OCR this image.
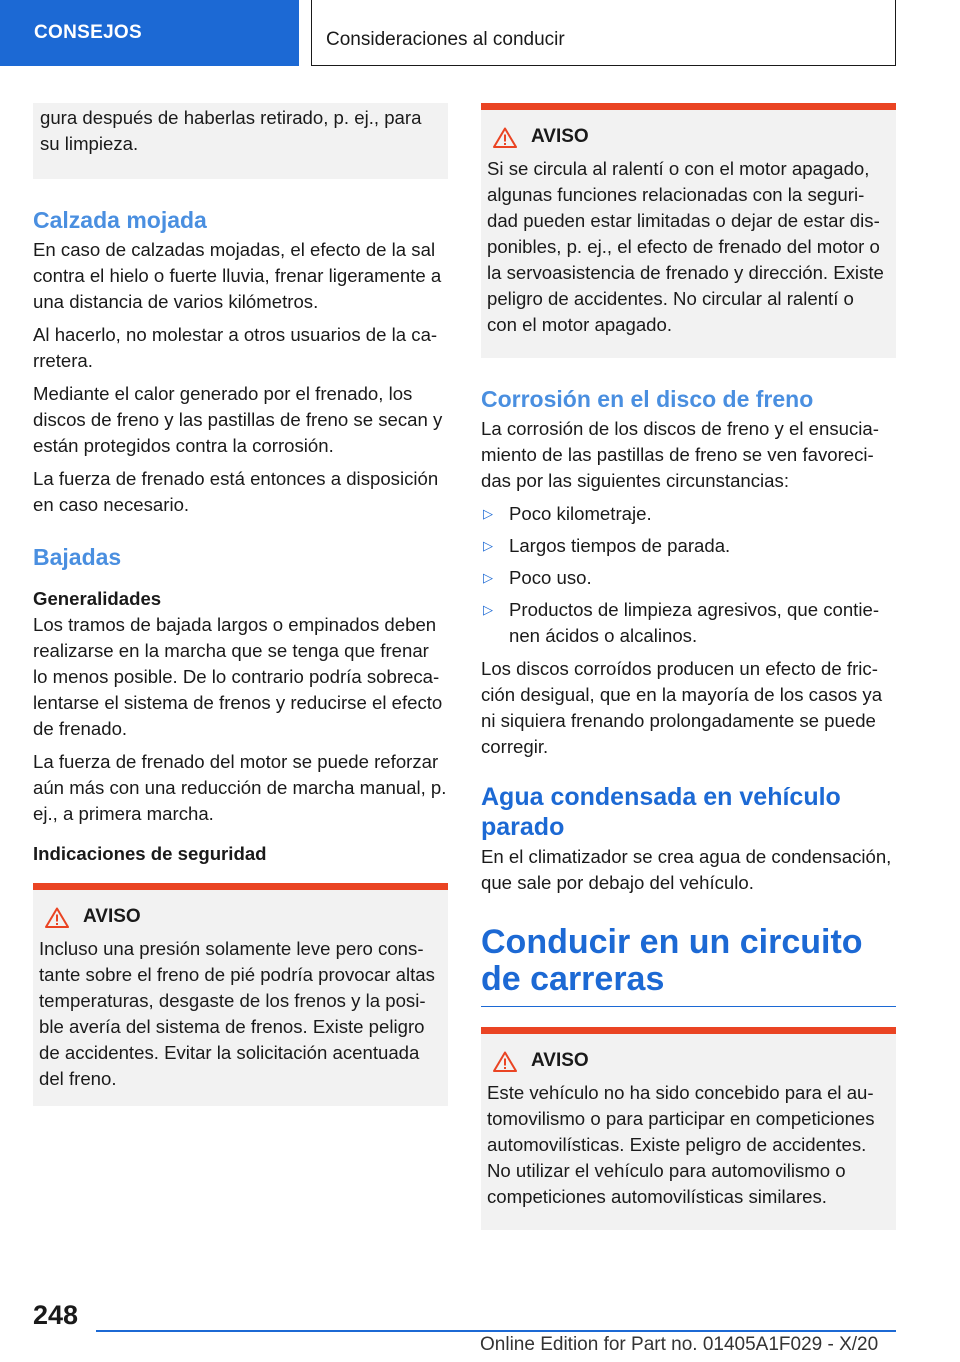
CONSEJOS	Consideraciones al conducir

gura después de haberlas retirado, p. ej., para su limpieza.

Calzada mojada

En caso de calzadas mojadas, el efecto de la sal contra el hielo o fuerte lluvia, frenar ligeramente a una distancia de varios kilómetros.

Al hacerlo, no molestar a otros usuarios de la carretera.

Mediante el calor generado por el frenado, los discos de freno y las pastillas de freno se secan y están protegidos contra la corrosión.

La fuerza de frenado está entonces a disposición en caso necesario.

Bajadas
Generalidades

Los tramos de bajada largos o empinados deben realizarse en la marcha que se tenga que frenar lo menos posible. De lo contrario podría sobrecalentarse el sistema de frenos y reducirse el efecto de frenado.

La fuerza de frenado del motor se puede reforzar aún más con una reducción de marcha manual, p. ej., a primera marcha.

Indicaciones de seguridad
AVISO

Incluso una presión solamente leve pero constante sobre el freno de pié podría provocar altas temperaturas, desgaste de los frenos y la posible avería del sistema de frenos. Existe peligro de accidentes. Evitar la solicitación acentuada del freno.

AVISO

Si se circula al ralentí o con el motor apagado, algunas funciones relacionadas con la seguridad pueden estar limitadas o dejar de estar disponibles, p. ej., el efecto de frenado del motor o la servoasistencia de frenado y dirección. Existe peligro de accidentes. No circular al ralentí o con el motor apagado.

Corrosión en el disco de freno

La corrosión de los discos de freno y el ensuciamiento de las pastillas de freno se ven favorecidas por las siguientes circunstancias:

▷ Poco kilometraje.
▷ Largos tiempos de parada.
▷ Poco uso.
▷ Productos de limpieza agresivos, que contienen ácidos o alcalinos.

Los discos corroídos producen un efecto de fricción desigual, que en la mayoría de los casos ya ni siquiera frenando prolongadamente se puede corregir.

Agua condensada en vehículo parado

En el climatizador se crea agua de condensación, que sale por debajo del vehículo.

Conducir en un circuito de carreras
AVISO

Este vehículo no ha sido concebido para el automovilismo o para participar en competiciones automovilísticas. Existe peligro de accidentes. No utilizar el vehículo para automovilismo o competiciones automovilísticas similares.

248
Online Edition for Part no. 01405A1F029 - X/20
